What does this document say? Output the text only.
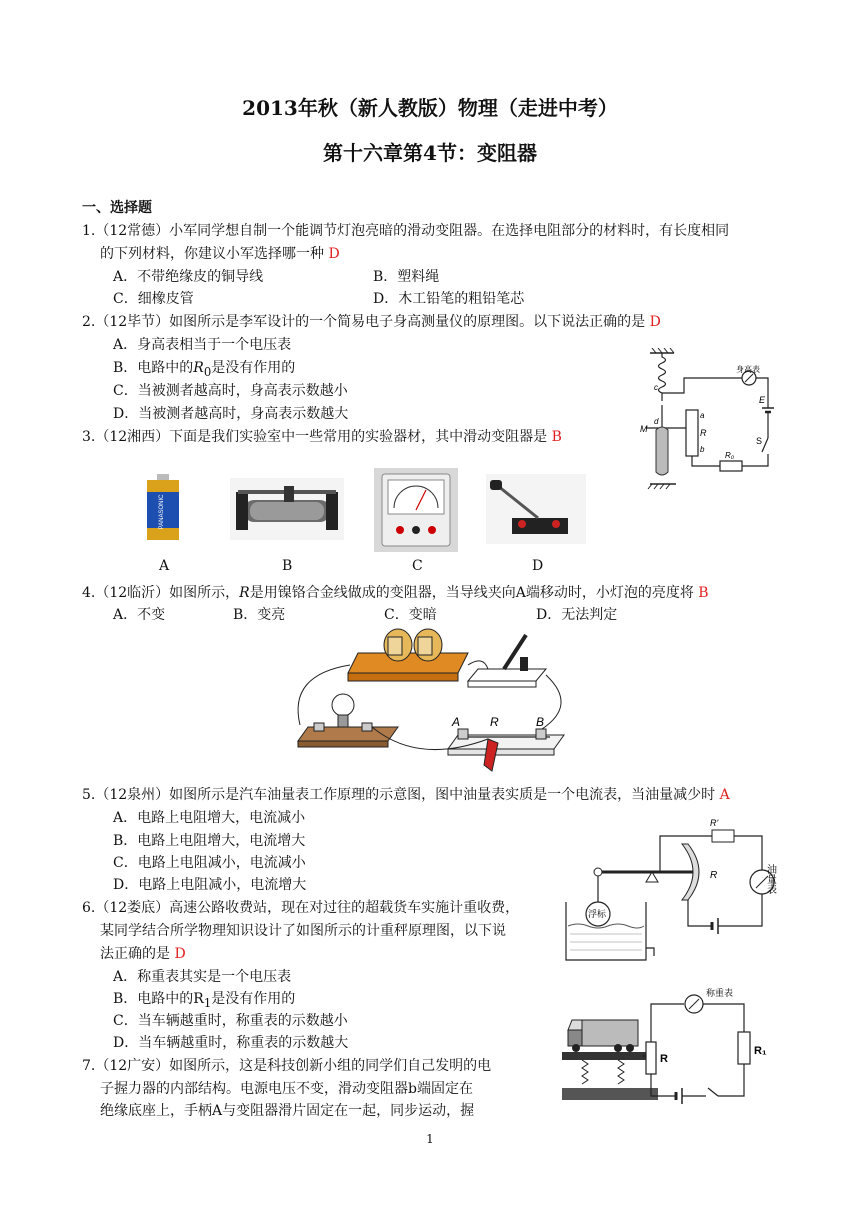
2013年秋（新人教版）物理（走进中考）
第十六章第4节：变阻器
一、选择题
1.（12常德）小军同学想自制一个能调节灯泡亮暗的滑动变阻器。在选择电阻部分的材料时，有长度相同
的下列材料，你建议小军选择哪一种 D
A．不带绝缘皮的铜导线	B．塑料绳
C．细橡皮管	D．木工铅笔的粗铅笔芯
2.（12毕节）如图所示是李军设计的一个简易电子身高测量仪的原理图。以下说法正确的是 D
A．身高表相当于一个电压表
B．电路中的$R_0$是没有作用的
C．当被测者越高时，身高表示数越小
D．当被测者越高时，身高表示数越大
身高表
E
S
R₀
R
a
b
c
d
M
3.（12湘西）下面是我们实验室中一些常用的实验器材，其中滑动变阻器是 B
PANASONIC
A	B	C	D
4.（12临沂）如图所示，R是用镍铬合金线做成的变阻器，当导线夹向A端移动时，小灯泡的亮度将 B
A．不变	B．变亮	C．变暗	D．无法判定
A R	B
5.（12泉州）如图所示是汽车油量表工作原理的示意图，图中油量表实质是一个电流表，当油量减少时 A
A．电路上电阻增大，电流减小
B．电路上电阻增大，电流增大
C．电路上电阻减小，电流减小
D．电路上电阻减小，电流增大
R'
R	油量表
浮标
6.（12娄底）高速公路收费站，现在对过往的超载货车实施计重收费，
某同学结合所学物理知识设计了如图所示的计重秤原理图，以下说
法正确的是 D
A．称重表其实是一个电压表
B．电路中的$R_1$是没有作用的
C．当车辆越重时，称重表的示数越小
D．当车辆越重时，称重表的示数越大
称重表
R
R₁
7.（12广安）如图所示，这是科技创新小组的同学们自己发明的电
子握力器的内部结构。电源电压不变，滑动变阻器b端固定在
绝缘底座上，手柄A与变阻器滑片固定在一起，同步运动，握
1
